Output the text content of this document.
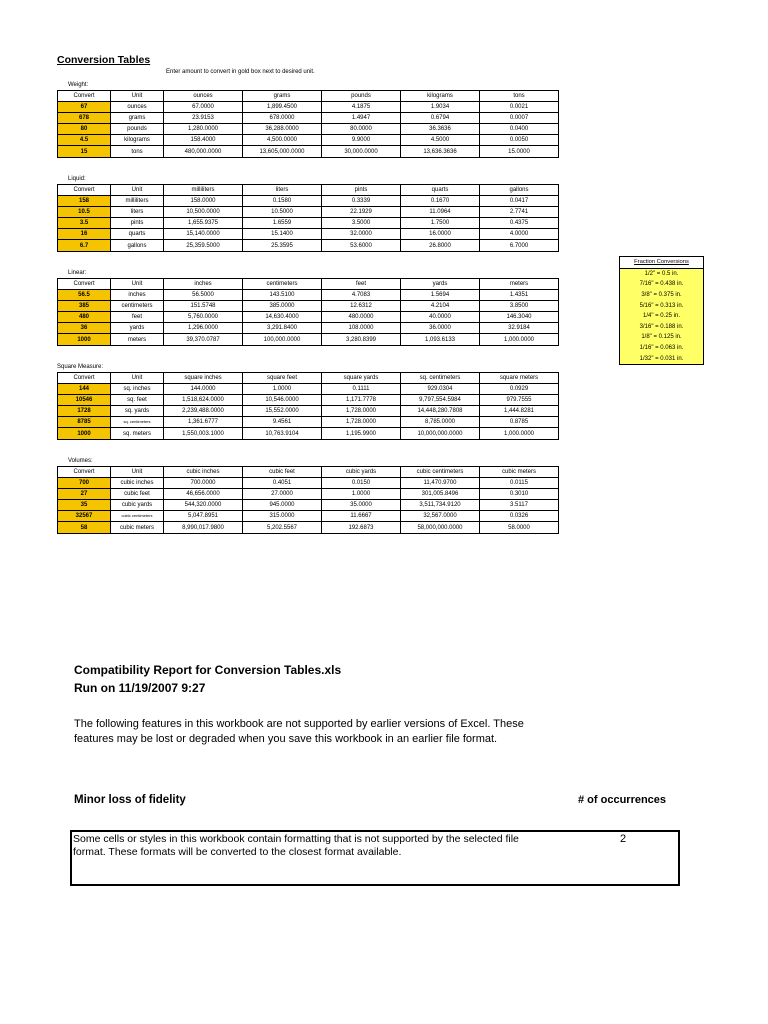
Conversion Tables
Enter amount to convert in gold box next to desired unit.
Weight:
Liquid:
Linear:
Square Measure:
Volumes:
Convert	Unit	ounces	grams	pounds	kilograms	tons
67	ounces	67.0000	1,899.4500	4.1875	1.9034	0.0021
678	grams	23.9153	678.0000	1.4947	0.6794	0.0007
80	pounds	1,280.0000	36,288.0000	80.0000	36.3636	0.0400
4.5	kilograms	158.4000	4,500.0000	9.9000	4.5000	0.0050
15	tons	480,000.0000	13,605,000.0000	30,000.0000	13,636.3636	15.0000
Convert	Unit	milliliters	liters	pints	quarts	gallons
158	milliliters	158.0000	0.1580	0.3339	0.1670	0.0417
10.5	liters	10,500.0000	10.5000	22.1929	11.0964	2.7741
3.5	pints	1,655.9375	1.6559	3.5000	1.7500	0.4375
16	quarts	15,140.0000	15.1400	32.0000	16.0000	4.0000
6.7	gallons	25,359.5000	25.3595	53.6000	26.8000	6.7000
Convert	Unit	inches	centimeters	feet	yards	meters
56.5	inches	56.5000	143.5100	4.7083	1.5694	1.4351
385	centimeters	151.5748	385.0000	12.6312	4.2104	3.8500
480	feet	5,760.0000	14,630.4000	480.0000	40.0000	146.3040
36	yards	1,296.0000	3,291.8400	108.0000	36.0000	32.9184
1000	meters	39,370.0787	100,000.0000	3,280.8399	1,093.6133	1,000.0000
Convert	Unit	square inches	square feet	square yards	sq. centimeters	square meters
144	sq. inches	144.0000	1.0000	0.1111	929.0304	0.0929
10546	sq. feet	1,518,624.0000	10,546.0000	1,171.7778	9,797,554.5984	979.7555
1728	sq. yards	2,239,488.0000	15,552.0000	1,728.0000	14,448,280.7808	1,444.8281
8785	sq. centimeters	1,361.6777	9.4561	1,728.0000	8,785.0000	0.8785
1000	sq. meters	1,550,003.1000	10,763.9104	1,195.9900	10,000,000.0000	1,000.0000
Convert	Unit	cubic inches	cubic feet	cubic yards	cubic centimeters	cubic meters
700	cubic inches	700.0000	0.4051	0.0150	11,470.9700	0.0115
27	cubic feet	46,656.0000	27.0000	1.0000	301,005.8496	0.3010
35	cubic yards	544,320.0000	945.0000	35.0000	3,511,734.9120	3.5117
32567	cubic centimeters	5,047.8951	315.0000	11.6667	32,567.0000	0.0326
58	cubic meters	8,990,017.9800	5,202.5567	192.6873	58,000,000.0000	58.0000
Fraction Conversions
1/2" = 0.5 in.
7/16" = 0.438 in.
3/8" = 0.375 in.
5/16" = 0.313 in.
1/4" = 0.25 in.
3/16" = 0.188 in.
1/8" = 0.125 in.
1/16" = 0.063 in.
1/32" = 0.031 in.
Compatibility Report for Conversion Tables.xls
Run on 11/19/2007 9:27
The following features in this workbook are not supported by earlier versions of Excel. These features may be lost or degraded when you save this workbook in an earlier file format.
Minor loss of fidelity	# of occurrences
Some cells or styles in this workbook contain formatting that is not supported by the selected file format. These formats will be converted to the closest format available.
2
